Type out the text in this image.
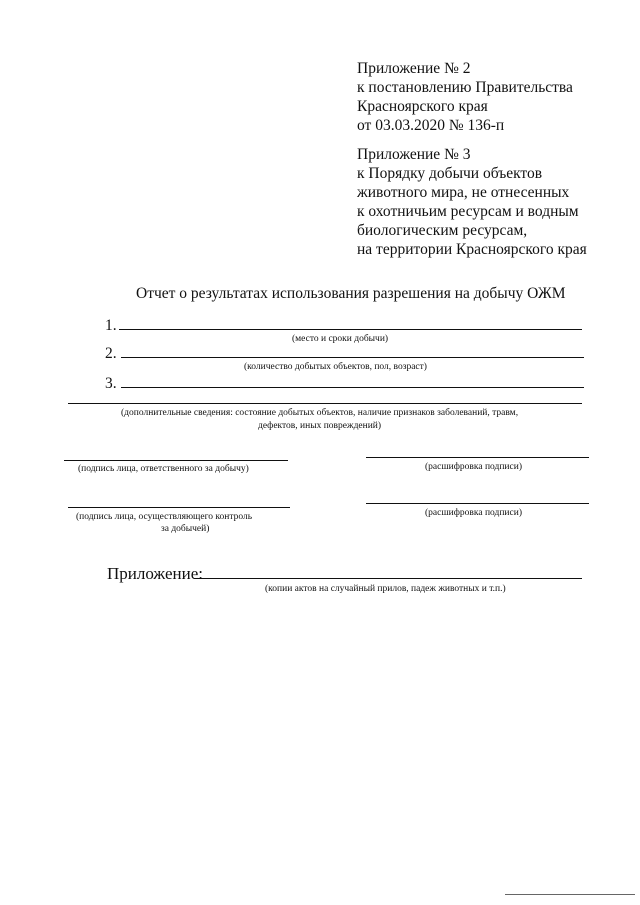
Приложение № 2
к постановлению Правительства
Красноярского края
от 03.03.2020 № 136-п
Приложение № 3
к Порядку добычи объектов
животного мира, не отнесенных
к охотничьим ресурсам и водным
биологическим ресурсам,
на территории Красноярского края
Отчет о результатах использования разрешения на добычу ОЖМ
1.
(место и сроки добычи)
2.
(количество добытых объектов, пол, возраст)
3.
(дополнительные сведения: состояние добытых объектов, наличие признаков заболеваний, травм,
дефектов, иных повреждений)
(подпись лица, ответственного за добычу)	(расшифровка подписи)
(подпись лица, осуществляющего контроль
за добычей)
(расшифровка подписи)
Приложение:
(копии актов на случайный прилов, падеж животных и т.п.)
